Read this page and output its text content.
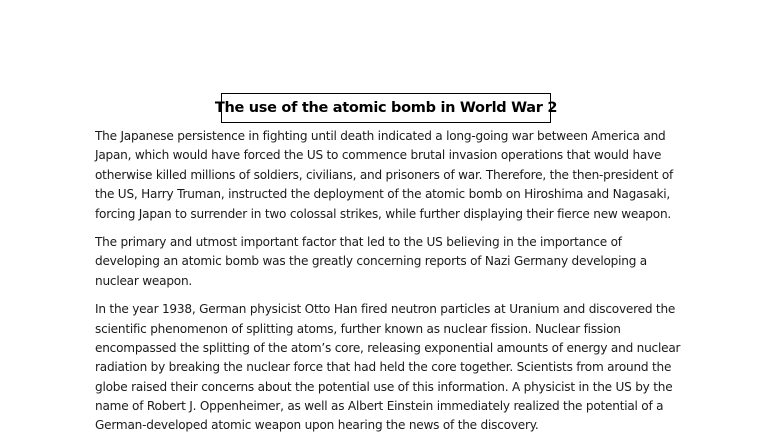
The use of the atomic bomb in World War 2
The Japanese persistence in fighting until death indicated a long-going war between America and
Japan, which would have forced the US to commence brutal invasion operations that would have
otherwise killed millions of soldiers, civilians, and prisoners of war. Therefore, the then-president of
the US, Harry Truman, instructed the deployment of the atomic bomb on Hiroshima and Nagasaki,
forcing Japan to surrender in two colossal strikes, while further displaying their fierce new weapon.
The primary and utmost important factor that led to the US believing in the importance of
developing an atomic bomb was the greatly concerning reports of Nazi Germany developing a
nuclear weapon.
In the year 1938, German physicist Otto Han fired neutron particles at Uranium and discovered the
scientific phenomenon of splitting atoms, further known as nuclear fission. Nuclear fission
encompassed the splitting of the atom’s core, releasing exponential amounts of energy and nuclear
radiation by breaking the nuclear force that had held the core together. Scientists from around the
globe raised their concerns about the potential use of this information. A physicist in the US by the
name of Robert J. Oppenheimer, as well as Albert Einstein immediately realized the potential of a
German-developed atomic weapon upon hearing the news of the discovery.
